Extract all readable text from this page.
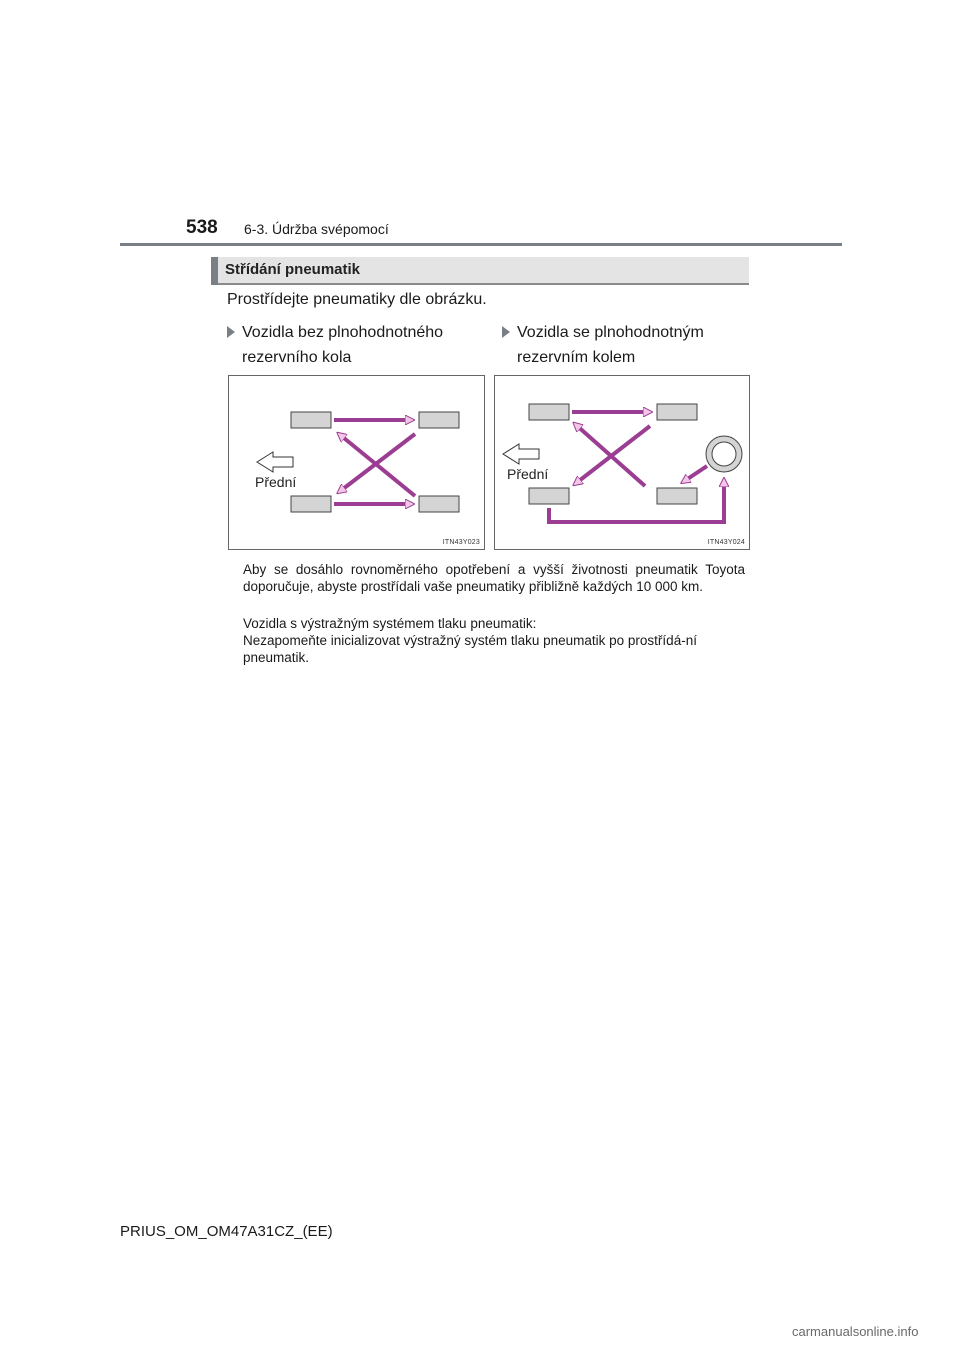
538 6-3. Údržba svépomocí
Střídání pneumatik
Prostřídejte pneumatiky dle obrázku.
Vozidla bez plnohodnotného rezervního kola
Vozidla se plnohodnotným rezervním kolem
Přední
ITN43Y023
Přední
ITN43Y024
Aby se dosáhlo rovnoměrného opotřebení a vyšší životnosti pneumatik Toyota doporučuje, abyste prostřídali vaše pneumatiky přibližně každých 10 000 km.
Vozidla s výstražným systémem tlaku pneumatik:
Nezapomeňte inicializovat výstražný systém tlaku pneumatik po prostřídá-ní pneumatik.
PRIUS_OM_OM47A31CZ_(EE)
carmanualsonline.info
